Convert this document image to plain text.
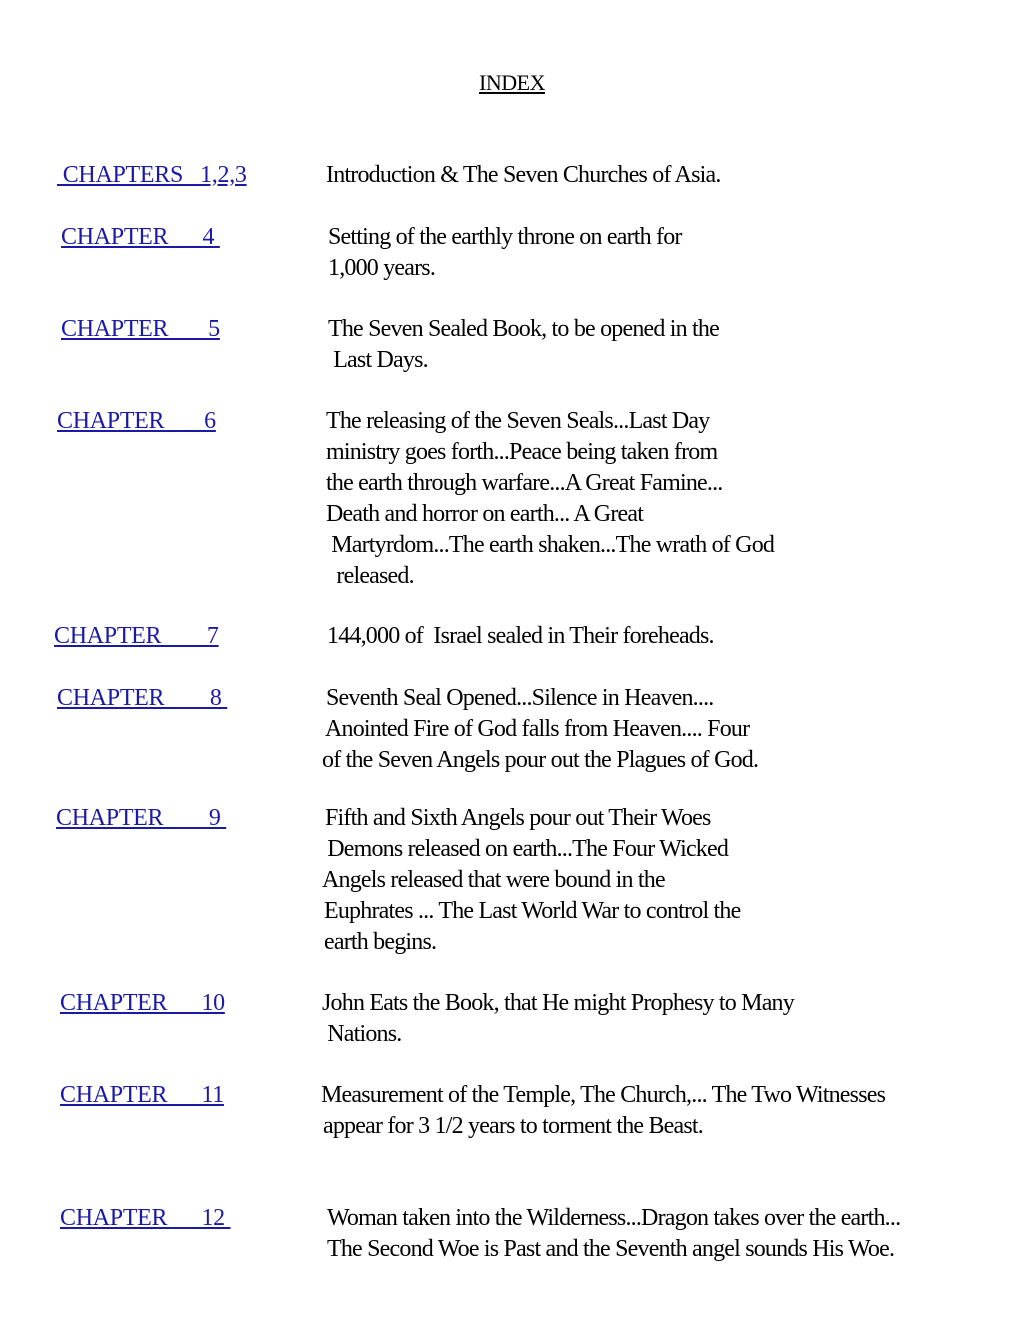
INDEX
CHAPTERS   1,2,3	Introduction & The Seven Churches of Asia.
CHAPTER      4	Setting of the earthly throne on earth for
1,000 years.
CHAPTER       5	The Seven Sealed Book, to be opened in the
Last Days.
CHAPTER       6	The releasing of the Seven Seals...Last Day
ministry goes forth...Peace being taken from
the earth through warfare...A Great Famine...
Death and horror on earth... A Great
Martyrdom...The earth shaken...The wrath of God
released.
CHAPTER        7	144,000 of  Israel sealed in Their foreheads.
CHAPTER        8	Seventh Seal Opened...Silence in Heaven....
Anointed Fire of God falls from Heaven.... Four
of the Seven Angels pour out the Plagues of God.
CHAPTER        9	Fifth and Sixth Angels pour out Their Woes
Demons released on earth...The Four Wicked
Angels released that were bound in the
Euphrates ... The Last World War to control the
earth begins.
CHAPTER      10	John Eats the Book, that He might Prophesy to Many
Nations.
CHAPTER      11	Measurement of the Temple, The Church,... The Two Witnesses
appear for 3 1/2 years to torment the Beast.
CHAPTER      12	Woman taken into the Wilderness...Dragon takes over the earth...
The Second Woe is Past and the Seventh angel sounds His Woe.
